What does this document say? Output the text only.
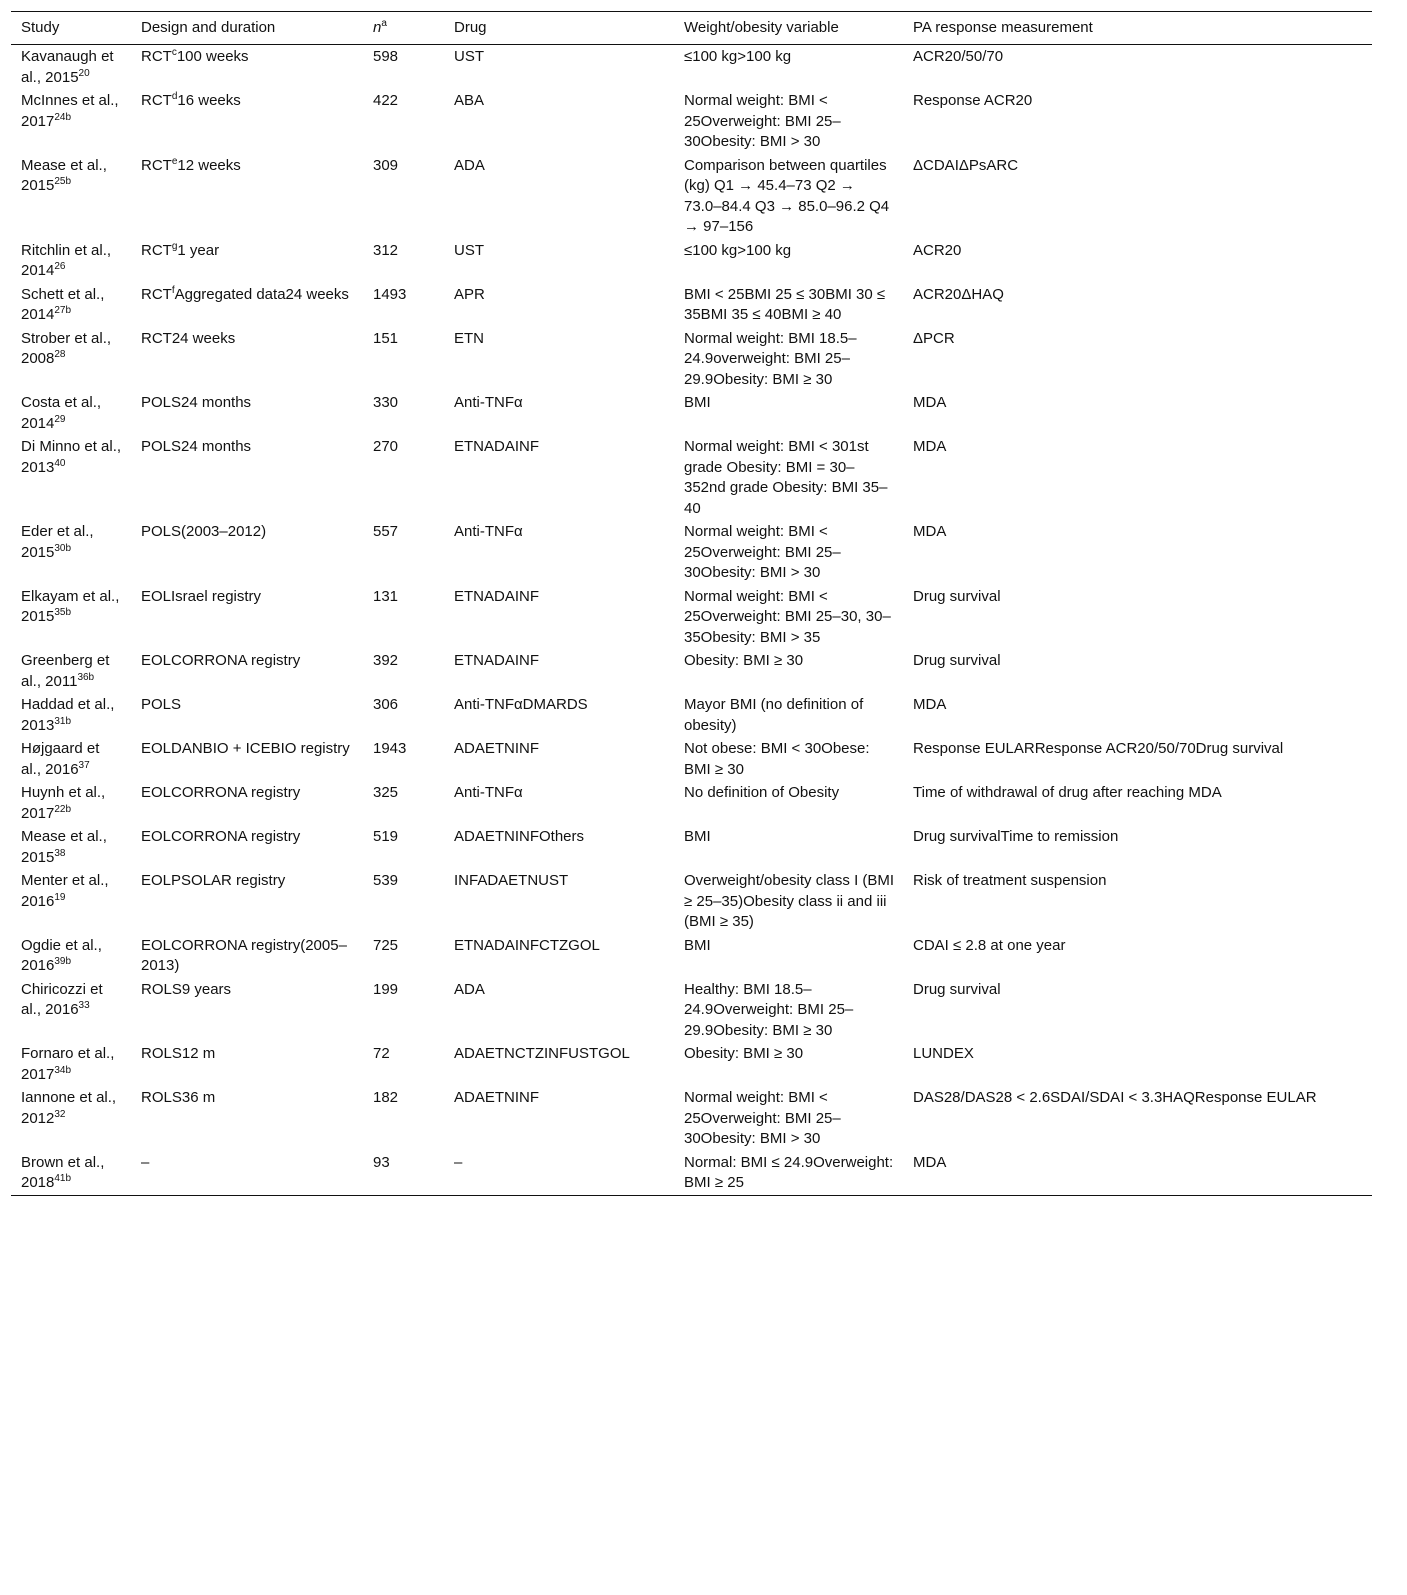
Study	Design and duration	$n^a$	Drug	Weight/obesity variable	PA response measurement
Kavanaugh et al., 2015$^{20}$	RCT$^c$100 weeks	598	UST	≤100 kg>100 kg	ACR20/50/70
McInnes et al., $2017^{24b}$	RCT$^d$16 weeks	422	ABA	Normal weight: BMI < 25Overweight: BMI 25–30Obesity: BMI > 30	Response ACR20
Mease et al., $2015^{25b}$	RCT$^e$12 weeks	309	ADA	Comparison between quartiles (kg) Q1 → 45.4–73 Q2 → 73.0–84.4 Q3 → 85.0–96.2 Q4 → 97–156	ΔCDAIΔPsARC
Ritchlin et al., 2014$^{26}$	RCT$^g$1 year	312	UST	≤100 kg>100 kg	ACR20
Schett et al., $2014^{27b}$	RCT$^f$Aggregated data24 weeks	1493	APR	BMI < 25BMI 25 ≤ 30BMI 30 ≤ 35BMI 35 ≤ 40BMI ≥ 40	ACR20ΔHAQ
Strober et al., 2008$^{28}$	RCT24 weeks	151	ETN	Normal weight: BMI 18.5–24.9overweight: BMI 25–29.9Obesity: BMI ≥ 30	ΔPCR
Costa et al., 2014$^{29}$	POLS24 months	330	Anti-TNFα	BMI	MDA
Di Minno et al., 2013$^{40}$	POLS24 months	270	ETNADAINF	Normal weight: BMI < 301st grade Obesity: BMI = 30–352nd grade Obesity: BMI 35–40	MDA
Eder et al., $2015^{30b}$	POLS(2003–2012)	557	Anti-TNFα	Normal weight: BMI < 25Overweight: BMI 25–30Obesity: BMI > 30	MDA
Elkayam et al., $2015^{35b}$	EOLIsrael registry	131	ETNADAINF	Normal weight: BMI < 25Overweight: BMI 25–30, 30–35Obesity: BMI > 35	Drug survival
Greenberg et al., $2011^{36b}$	EOLCORRONA registry	392	ETNADAINF	Obesity: BMI ≥ 30	Drug survival
Haddad et al., $2013^{31b}$	POLS	306	Anti-TNFαDMARDS	Mayor BMI (no definition of obesity)	MDA
Højgaard et al., 2016$^{37}$	EOLDANBIO + ICEBIO registry	1943	ADAETNINF	Not obese: BMI < 30Obese: BMI ≥ 30	Response EULARResponse ACR20/50/70Drug survival
Huynh et al., $2017^{22b}$	EOLCORRONA registry	325	Anti-TNFα	No definition of Obesity	Time of withdrawal of drug after reaching MDA
Mease et al., 2015$^{38}$	EOLCORRONA registry	519	ADAETNINFOthers	BMI	Drug survivalTime to remission
Menter et al., 2016$^{19}$	EOLPSOLAR registry	539	INFADAETNUST	Overweight/obesity class I (BMI ≥ 25–35)Obesity class ii and iii (BMI ≥ 35)	Risk of treatment suspension
Ogdie et al., $2016^{39b}$	EOLCORRONA registry(2005–2013)	725	ETNADAINFCTZGOL	BMI	CDAI ≤ 2.8 at one year
Chiricozzi et al., 2016$^{33}$	ROLS9 years	199	ADA	Healthy: BMI 18.5–24.9Overweight: BMI 25–29.9Obesity: BMI ≥ 30	Drug survival
Fornaro et al., $2017^{34b}$	ROLS12 m	72	ADAETNCTZINFUSTGOL	Obesity: BMI ≥ 30	LUNDEX
Iannone et al., 2012$^{32}$	ROLS36 m	182	ADAETNINF	Normal weight: BMI < 25Overweight: BMI 25–30Obesity: BMI > 30	DAS28/DAS28 < 2.6SDAI/SDAI < 3.3HAQResponse EULAR
Brown et al., $2018^{41b}$	–	93	–	Normal: BMI ≤ 24.9Overweight: BMI ≥ 25	MDA
